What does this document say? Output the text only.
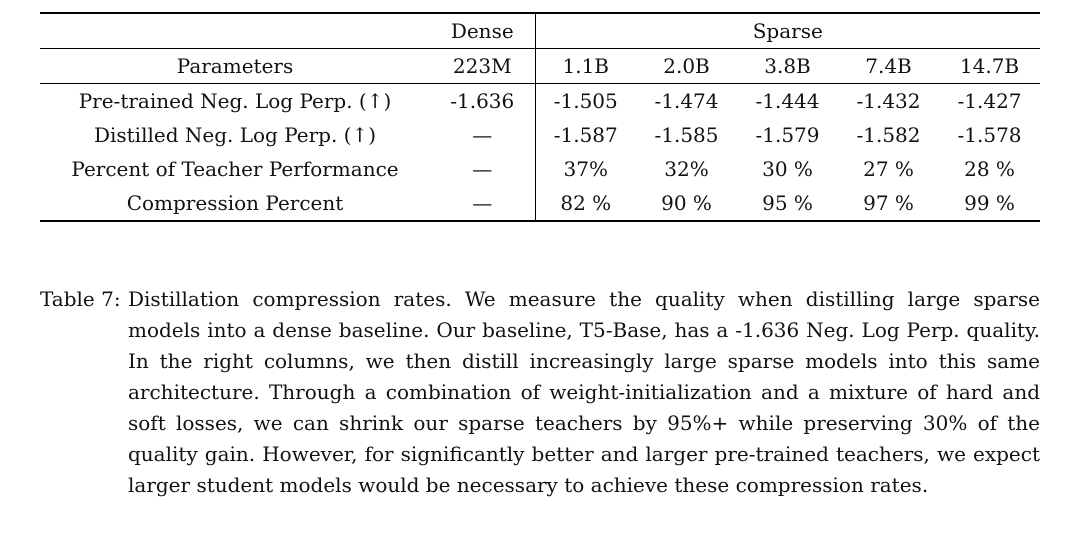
	Dense	Sparse				
Parameters	223M	1.1B	2.0B	3.8B	7.4B	14.7B
Pre-trained Neg. Log Perp. (↑)	-1.636	-1.505	-1.474	-1.444	-1.432	-1.427
Distilled Neg. Log Perp. (↑)	—	-1.587	-1.585	-1.579	-1.582	-1.578
Percent of Teacher Performance	—	37%	32%	30 %	27 %	28 %
Compression Percent	—	82 %	90 %	95 %	97 %	99 %
Table 7: Distillation compression rates. We measure the quality when distilling large sparse models into a dense baseline. Our baseline, T5-Base, has a -1.636 Neg. Log Perp. quality. In the right columns, we then distill increasingly large sparse models into this same architecture. Through a combination of weight-initialization and a mixture of hard and soft losses, we can shrink our sparse teachers by 95%+ while preserving 30% of the quality gain. However, for significantly better and larger pre-trained teachers, we expect larger student models would be necessary to achieve these compression rates.
